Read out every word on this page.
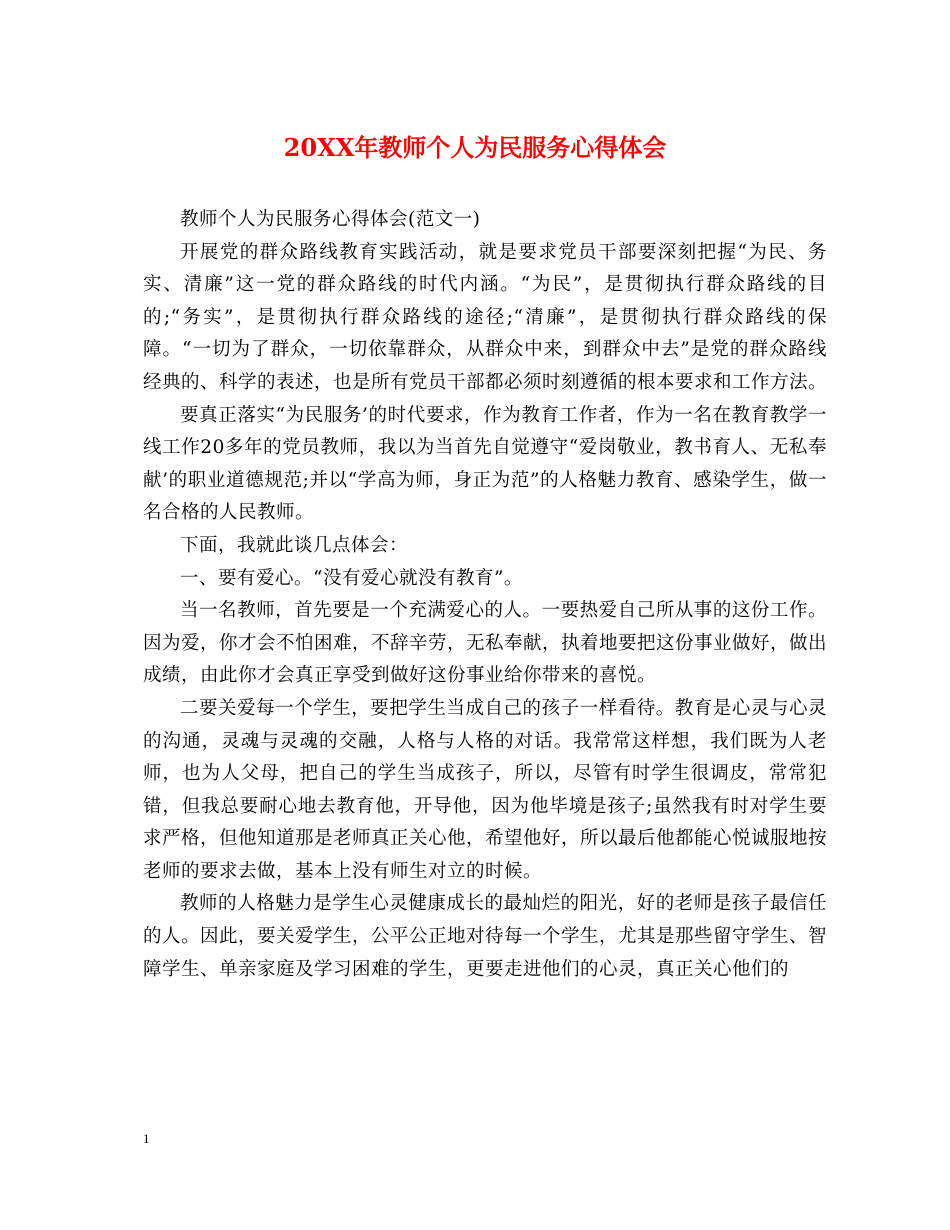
20XX年教师个人为民服务心得体会

教师个人为民服务心得体会(范文一)

开展党的群众路线教育实践活动，就是要求党员干部要深刻把握“为民、务实、清廉”这一党的群众路线的时代内涵。“为民”，是贯彻执行群众路线的目的;“务实”，是贯彻执行群众路线的途径;“清廉”，是贯彻执行群众路线的保障。“一切为了群众，一切依靠群众，从群众中来，到群众中去”是党的群众路线经典的、科学的表述，也是所有党员干部都必须时刻遵循的根本要求和工作方法。

要真正落实“为民服务’的时代要求，作为教育工作者，作为一名在教育教学一线工作20多年的党员教师，我以为当首先自觉遵守“爱岗敬业，教书育人、无私奉献’的职业道德规范;并以“学高为师，身正为范”的人格魅力教育、感染学生，做一名合格的人民教师。

下面，我就此谈几点体会：

一、要有爱心。“没有爱心就没有教育”。

当一名教师，首先要是一个充满爱心的人。一要热爱自己所从事的这份工作。因为爱，你才会不怕困难，不辞辛劳，无私奉献，执着地要把这份事业做好，做出成绩，由此你才会真正享受到做好这份事业给你带来的喜悦。

二要关爱每一个学生，要把学生当成自己的孩子一样看待。教育是心灵与心灵的沟通，灵魂与灵魂的交融，人格与人格的对话。我常常这样想，我们既为人老师，也为人父母，把自己的学生当成孩子，所以，尽管有时学生很调皮，常常犯错，但我总要耐心地去教育他，开导他，因为他毕境是孩子;虽然我有时对学生要求严格，但他知道那是老师真正关心他，希望他好，所以最后他都能心悦诚服地按老师的要求去做，基本上没有师生对立的时候。

教师的人格魅力是学生心灵健康成长的最灿烂的阳光，好的老师是孩子最信任的人。因此，要关爱学生，公平公正地对待每一个学生，尤其是那些留守学生、智障学生、单亲家庭及学习困难的学生，更要走进他们的心灵，真正关心他们的

1
